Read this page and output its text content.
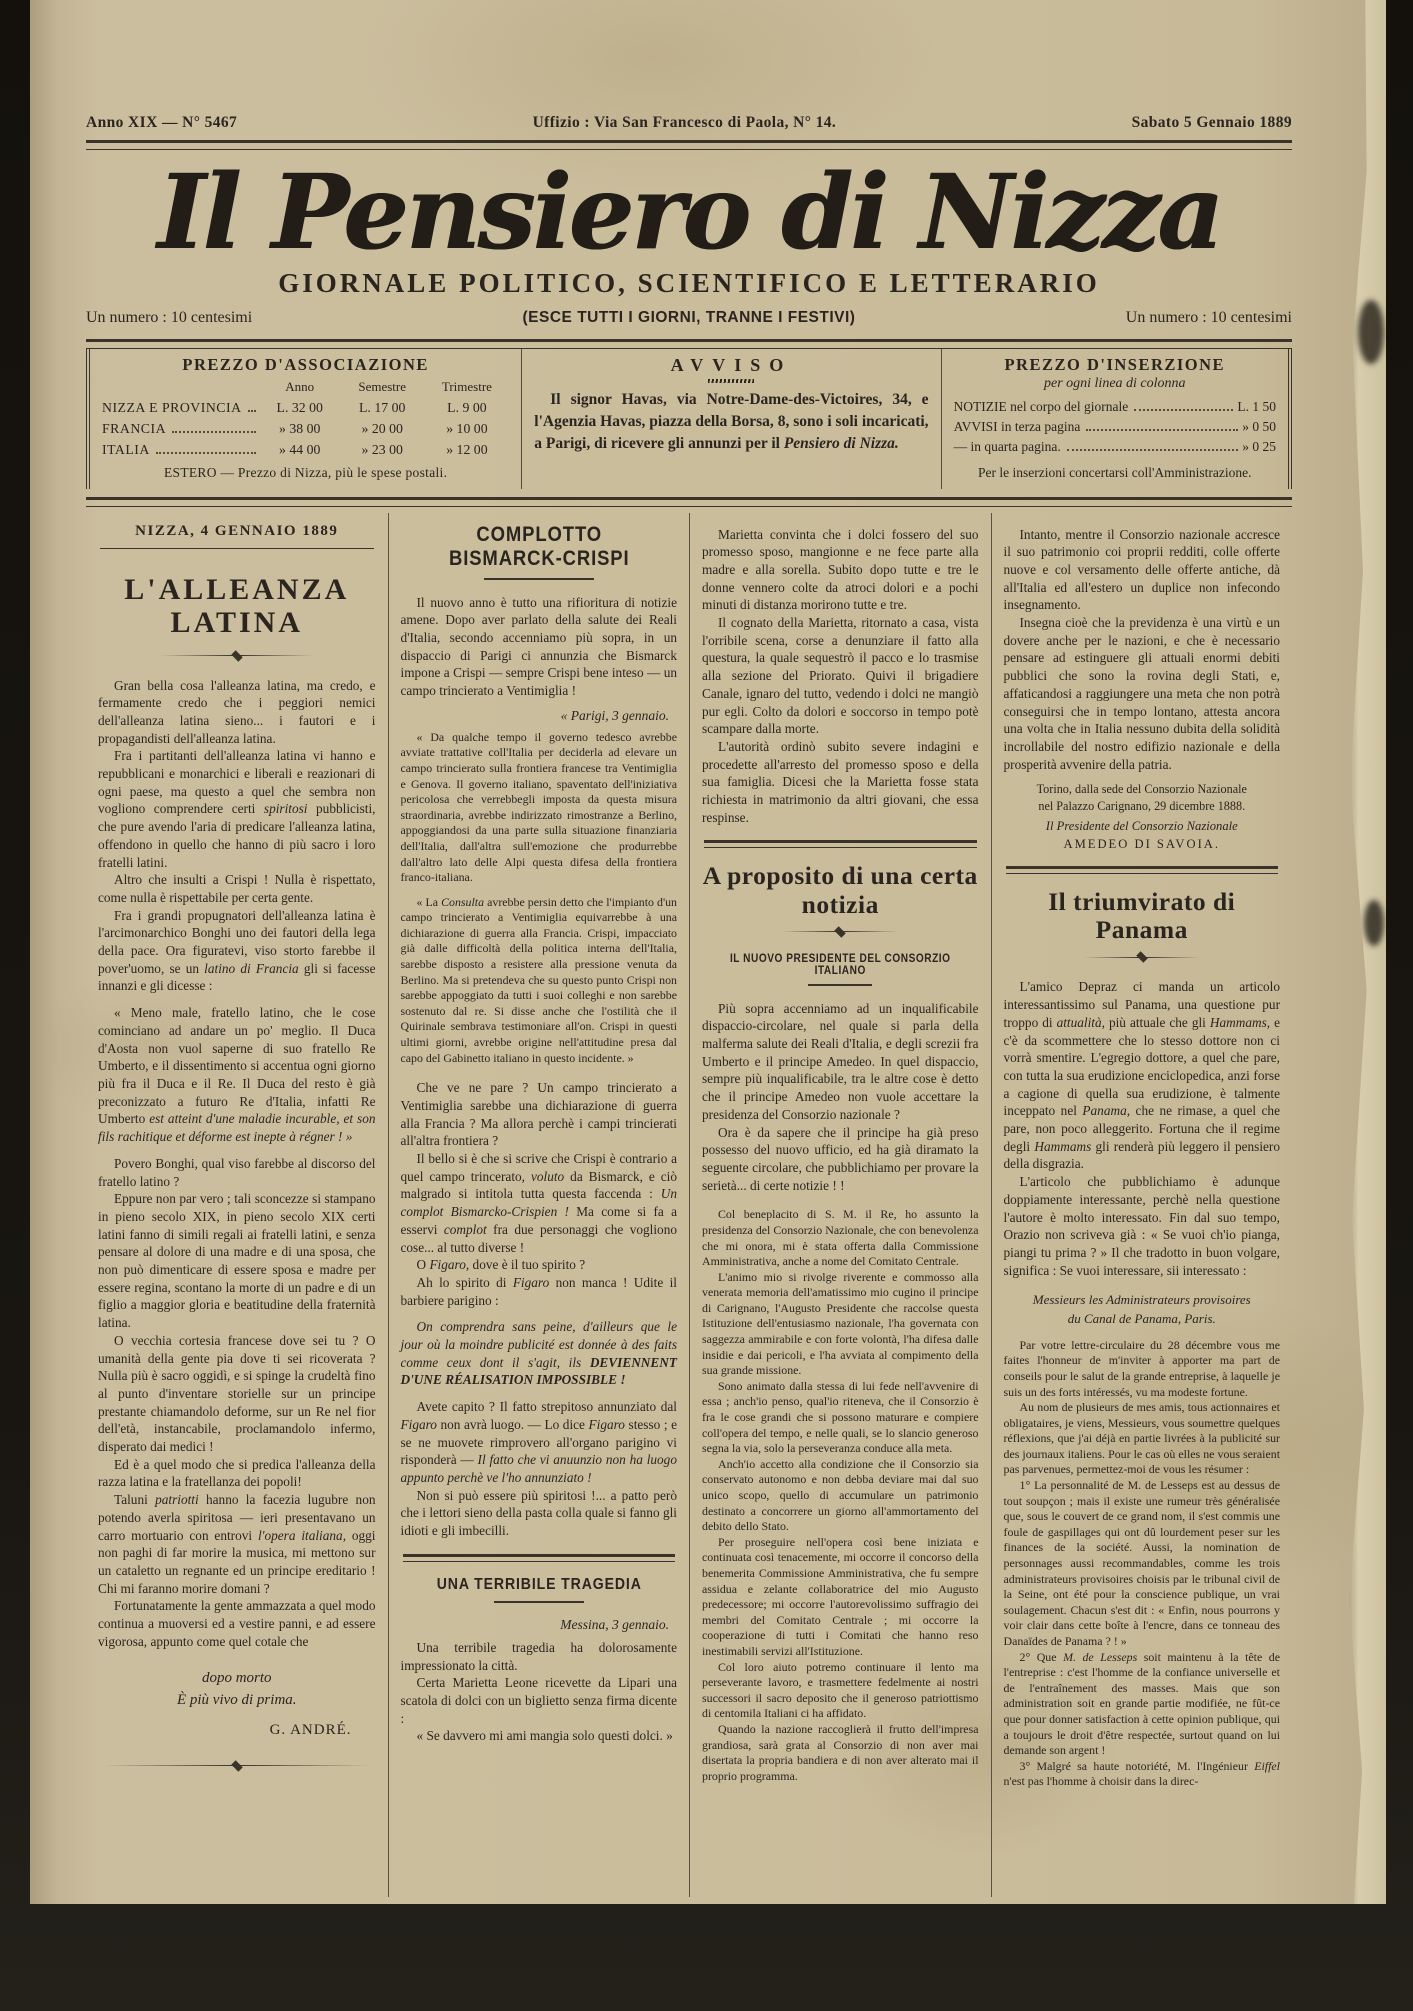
Anno XIX — N° 5467	Uffizio : Via San Francesco di Paola, N° 14.	Sabato 5 Gennaio 1889
Il Pensiero di Nizza
GIORNALE POLITICO, SCIENTIFICO E LETTERARIO
Un numero : 10 centesimi	(ESCE TUTTI I GIORNI, TRANNE I FESTIVI)	Un numero : 10 centesimi
PREZZO D'ASSOCIAZIONE
Anno	Semestre	Trimestre
NIZZA E PROVINCIA	L. 32 00	L. 17 00	L. 9 00
FRANCIA	» 38 00	» 20 00	» 10 00
ITALIA	» 44 00	» 23 00	» 12 00
ESTERO — Prezzo di Nizza, più le spese postali.
AVVISO

Il signor Havas, via Notre-Dame-des-Victoires, 34, e l'Agenzia Havas, piazza della Borsa, 8, sono i soli incaricati, a Parigi, di ricevere gli annunzi per il Pensiero di Nizza.

PREZZO D'INSERZIONE
per ogni linea di colonna
NOTIZIE nel corpo del giornale	L. 1 50
AVVISI in terza pagina	» 0 50
— in quarta pagina.	» 0 25
Per le inserzioni concertarsi coll'Amministrazione.
NIZZA, 4 GENNAIO 1889
L'ALLEANZA LATINA

Gran bella cosa l'alleanza latina, ma credo, e fermamente credo che i peggiori nemici dell'alleanza latina sieno... i fautori e i propagandisti dell'alleanza latina.

Fra i partitanti dell'alleanza latina vi hanno e repubblicani e monarchici e liberali e reazionari di ogni paese, ma questo a quel che sembra non vogliono comprendere certi spiritosi pubblicisti, che pure avendo l'aria di predicare l'alleanza latina, offendono in quello che hanno di più sacro i loro fratelli latini.

Altro che insulti a Crispi ! Nulla è rispettato, come nulla è rispettabile per certa gente.

Fra i grandi propugnatori dell'alleanza latina è l'arcimonarchico Bonghi uno dei fautori della lega della pace. Ora figuratevi, viso storto farebbe il pover'uomo, se un latino di Francia gli si facesse innanzi e gli dicesse :

« Meno male, fratello latino, che le cose cominciano ad andare un po' meglio. Il Duca d'Aosta non vuol saperne di suo fratello Re Umberto, e il dissentimento si accentua ogni giorno più fra il Duca e il Re. Il Duca del resto è già preconizzato a futuro Re d'Italia, infatti Re Umberto est atteint d'une maladie incurable, et son fils rachitique et déforme est inepte à régner ! »

Povero Bonghi, qual viso farebbe al discorso del fratello latino ?

Eppure non par vero ; tali sconcezze si stampano in pieno secolo XIX, in pieno secolo XIX certi latini fanno di simili regali ai fratelli latini, e senza pensare al dolore di una madre e di una sposa, che non può dimenticare di essere sposa e madre per essere regina, scontano la morte di un padre e di un figlio a maggior gloria e beatitudine della fraternità latina.

O vecchia cortesia francese dove sei tu ? O umanità della gente pia dove ti sei ricoverata ? Nulla più è sacro oggidì, e si spinge la crudeltà fino al punto d'inventare storielle sur un principe prestante chiamandolo deforme, sur un Re nel fior dell'età, instancabile, proclamandolo infermo, disperato dai medici !

Ed è a quel modo che si predica l'alleanza della razza latina e la fratellanza dei popoli!

Taluni patriotti hanno la facezia lugubre non potendo averla spiritosa — ieri presentavano un carro mortuario con entrovi l'opera italiana, oggi non paghi di far morire la musica, mi mettono sur un cataletto un regnante ed un principe ereditario ! Chi mi faranno morire domani ?

Fortunatamente la gente ammazzata a quel modo continua a muoversi ed a vestire panni, e ad essere vigorosa, appunto come quel cotale che

dopo morto
È più vivo di prima.
G. ANDRÉ.
COMPLOTTO BISMARCK-CRISPI

Il nuovo anno è tutto una rifioritura di notizie amene. Dopo aver parlato della salute dei Reali d'Italia, secondo accenniamo più sopra, in un dispaccio di Parigi ci annunzia che Bismarck impone a Crispi — sempre Crispi bene inteso — un campo trincierato a Ventimiglia !

« Parigi, 3 gennaio.

« Da qualche tempo il governo tedesco avrebbe avviate trattative coll'Italia per deciderla ad elevare un campo trincierato sulla frontiera francese tra Ventimiglia e Genova. Il governo italiano, spaventato dell'iniziativa pericolosa che verrebbegli imposta da questa misura straordinaria, avrebbe indirizzato rimostranze a Berlino, appoggiandosi da una parte sulla situazione finanziaria dell'Italia, dall'altra sull'emozione che produrrebbe dall'altro lato delle Alpi questa difesa della frontiera franco-italiana.

« La Consulta avrebbe persin detto che l'impianto d'un campo trincierato a Ventimiglia equivarrebbe à una dichiarazione di guerra alla Francia. Crispi, impacciato già dalle difficoltà della politica interna dell'Italia, sarebbe disposto a resistere alla pressione venuta da Berlino. Ma si pretendeva che su questo punto Crispi non sarebbe appoggiato da tutti i suoi colleghi e non sarebbe sostenuto dal re. Si disse anche che l'ostilità che il Quirinale sembrava testimoniare all'on. Crispi in questi ultimi giorni, avrebbe origine nell'attitudine presa dal capo del Gabinetto italiano in questo incidente. »

Che ve ne pare ? Un campo trincierato a Ventimiglia sarebbe una dichiarazione di guerra alla Francia ? Ma allora perchè i campi trincierati all'altra frontiera ?

Il bello si è che si scrive che Crispi è contrario a quel campo trincerato, voluto da Bismarck, e ciò malgrado si intitola tutta questa faccenda : Un complot Bismarcko-Crispien ! Ma come si fa a esservi complot fra due personaggi che vogliono cose... al tutto diverse !

O Figaro, dove è il tuo spirito ?

Ah lo spirito di Figaro non manca ! Udite il barbiere parigino :

On comprendra sans peine, d'ailleurs que le jour où la moindre publicité est donnée à des faits comme ceux dont il s'agit, ils DEVIENNENT D'UNE RÉALISATION IMPOSSIBLE !

Avete capito ? Il fatto strepitoso annunziato dal Figaro non avrà luogo. — Lo dice Figaro stesso ; e se ne muovete rimprovero all'organo parigino vi risponderà — Il fatto che vi anuunzio non ha luogo appunto perchè ve l'ho annunziato !

Non si può essere più spiritosi !... a patto però che i lettori sieno della pasta colla quale si fanno gli idioti e gli imbecilli.

UNA TERRIBILE TRAGEDIA
Messina, 3 gennaio.

Una terribile tragedia ha dolorosamente impressionato la città.

Certa Marietta Leone ricevette da Lipari una scatola di dolci con un biglietto senza firma dicente :

« Se davvero mi ami mangia solo questi dolci. »

Marietta convinta che i dolci fossero del suo promesso sposo, mangionne e ne fece parte alla madre e alla sorella. Subito dopo tutte e tre le donne vennero colte da atroci dolori e a pochi minuti di distanza morirono tutte e tre.

Il cognato della Marietta, ritornato a casa, vista l'orribile scena, corse a denunziare il fatto alla questura, la quale sequestrò il pacco e lo trasmise alla sezione del Priorato. Quivi il brigadiere Canale, ignaro del tutto, vedendo i dolci ne mangiò pur egli. Colto da dolori e soccorso in tempo potè scampare dalla morte.

L'autorità ordinò subito severe indagini e procedette all'arresto del promesso sposo e della sua famiglia. Dicesi che la Marietta fosse stata richiesta in matrimonio da altri giovani, che essa respinse.

A proposito di una certa notizia
IL NUOVO PRESIDENTE DEL CONSORZIO ITALIANO

Più sopra accenniamo ad un inqualificabile dispaccio-circolare, nel quale si parla della malferma salute dei Reali d'Italia, e degli screzii fra Umberto e il principe Amedeo. In quel dispaccio, sempre più inqualificabile, tra le altre cose è detto che il principe Amedeo non vuole accettare la presidenza del Consorzio nazionale ?

Ora è da sapere che il principe ha già preso possesso del nuovo ufficio, ed ha già diramato la seguente circolare, che pubblichiamo per provare la serietà... di certe notizie ! !

Col beneplacito di S. M. il Re, ho assunto la presidenza del Consorzio Nazionale, che con benevolenza che mi onora, mi è stata offerta dalla Commissione Amministrativa, anche a nome del Comitato Centrale.

L'animo mio si rivolge riverente e commosso alla venerata memoria dell'amatissimo mio cugino il principe di Carignano, l'Augusto Presidente che raccolse questa Istituzione dell'entusiasmo nazionale, l'ha governata con saggezza ammirabile e con forte volontà, l'ha difesa dalle insidie e dai pericoli, e l'ha avviata al compimento della sua grande missione.

Sono animato dalla stessa di lui fede nell'avvenire di essa ; anch'io penso, qual'io riteneva, che il Consorzio è fra le cose grandi che si possono maturare e compiere coll'opera del tempo, e nelle quali, se lo slancio generoso segna la via, solo la perseveranza conduce alla meta.

Anch'io accetto alla condizione che il Consorzio sia conservato autonomo e non debba deviare mai dal suo unico scopo, quello di accumulare un patrimonio destinato a concorrere un giorno all'ammortamento del debito dello Stato.

Per proseguire nell'opera così bene iniziata e continuata così tenacemente, mi occorre il concorso della benemerita Commissione Amministrativa, che fu sempre assidua e zelante collaboratrice del mio Augusto predecessore; mi occorre l'autorevolissimo suffragio dei membri del Comitato Centrale ; mi occorre la cooperazione di tutti i Comitati che hanno reso inestimabili servizi all'Istituzione.

Col loro aiuto potremo continuare il lento ma perseverante lavoro, e trasmettere fedelmente ai nostri successori il sacro deposito che il generoso patriottismo di centomila Italiani ci ha affidato.

Quando la nazione raccoglierà il frutto dell'impresa grandiosa, sarà grata al Consorzio di non aver mai disertata la propria bandiera e di non aver alterato mai il proprio programma.

Intanto, mentre il Consorzio nazionale accresce il suo patrimonio coi proprii redditi, colle offerte nuove e col versamento delle offerte antiche, dà all'Italia ed all'estero un duplice non infecondo insegnamento.

Insegna cioè che la previdenza è una virtù e un dovere anche per le nazioni, e che è necessario pensare ad estinguere gli attuali enormi debiti pubblici che sono la rovina degli Stati, e, affaticandosi a raggiungere una meta che non potrà conseguirsi che in tempo lontano, attesta ancora una volta che in Italia nessuno dubita della solidità incrollabile del nostro edifizio nazionale e della prosperità avvenire della patria.

Torino, dalla sede del Consorzio Nazionale
nel Palazzo Carignano, 29 dicembre 1888.
Il Presidente del Consorzio Nazionale
AMEDEO DI SAVOIA.
Il triumvirato di Panama

L'amico Depraz ci manda un articolo interessantissimo sul Panama, una questione pur troppo di attualità, più attuale che gli Hammams, e c'è da scommettere che lo stesso dottore non ci vorrà smentire. L'egregio dottore, a quel che pare, con tutta la sua erudizione enciclopedica, anzi forse a cagione di quella sua erudizione, è talmente inceppato nel Panama, che ne rimase, a quel che pare, non poco alleggerito. Fortuna che il regime degli Hammams gli renderà più leggero il pensiero della disgrazia.

L'articolo che pubblichiamo è adunque doppiamente interessante, perchè nella questione l'autore è molto interessato. Fin dal suo tempo, Orazio non scriveva già : « Se vuoi ch'io pianga, piangi tu prima ? » Il che tradotto in buon volgare, significa : Se vuoi interessare, sii interessato :

Messieurs les Administrateurs provisoires
du Canal de Panama, Paris.

Par votre lettre-circulaire du 28 décembre vous me faites l'honneur de m'inviter à apporter ma part de conseils pour le salut de la grande entreprise, à laquelle je suis un des forts intéressés, vu ma modeste fortune.

Au nom de plusieurs de mes amis, tous actionnaires et obligataires, je viens, Messieurs, vous soumettre quelques réflexions, que j'ai déjà en partie livrées à la publicité sur des journaux italiens. Pour le cas où elles ne vous seraient pas parvenues, permettez-moi de vous les résumer :

1° La personnalité de M. de Lesseps est au dessus de tout soupçon ; mais il existe une rumeur très généralisée que, sous le couvert de ce grand nom, il s'est commis une foule de gaspillages qui ont dû lourdement peser sur les finances de la société. Aussi, la nomination de personnages aussi recommandables, comme les trois administrateurs provisoires choisis par le tribunal civil de la Seine, ont été pour la conscience publique, un vrai soulagement. Chacun s'est dit : « Enfin, nous pourrons y voir clair dans cette boîte à l'encre, dans ce tonneau des Danaïdes de Panama ? ! »

2° Que M. de Lesseps soit maintenu à la tête de l'entreprise : c'est l'homme de la confiance universelle et de l'entraînement des masses. Mais que son administration soit en grande partie modifiée, ne fût-ce que pour donner satisfaction à cette opinion publique, qui a toujours le droit d'être respectée, surtout quand on lui demande son argent !

3° Malgré sa haute notoriété, M. l'Ingénieur Eiffel n'est pas l'homme à choisir dans la direc-
